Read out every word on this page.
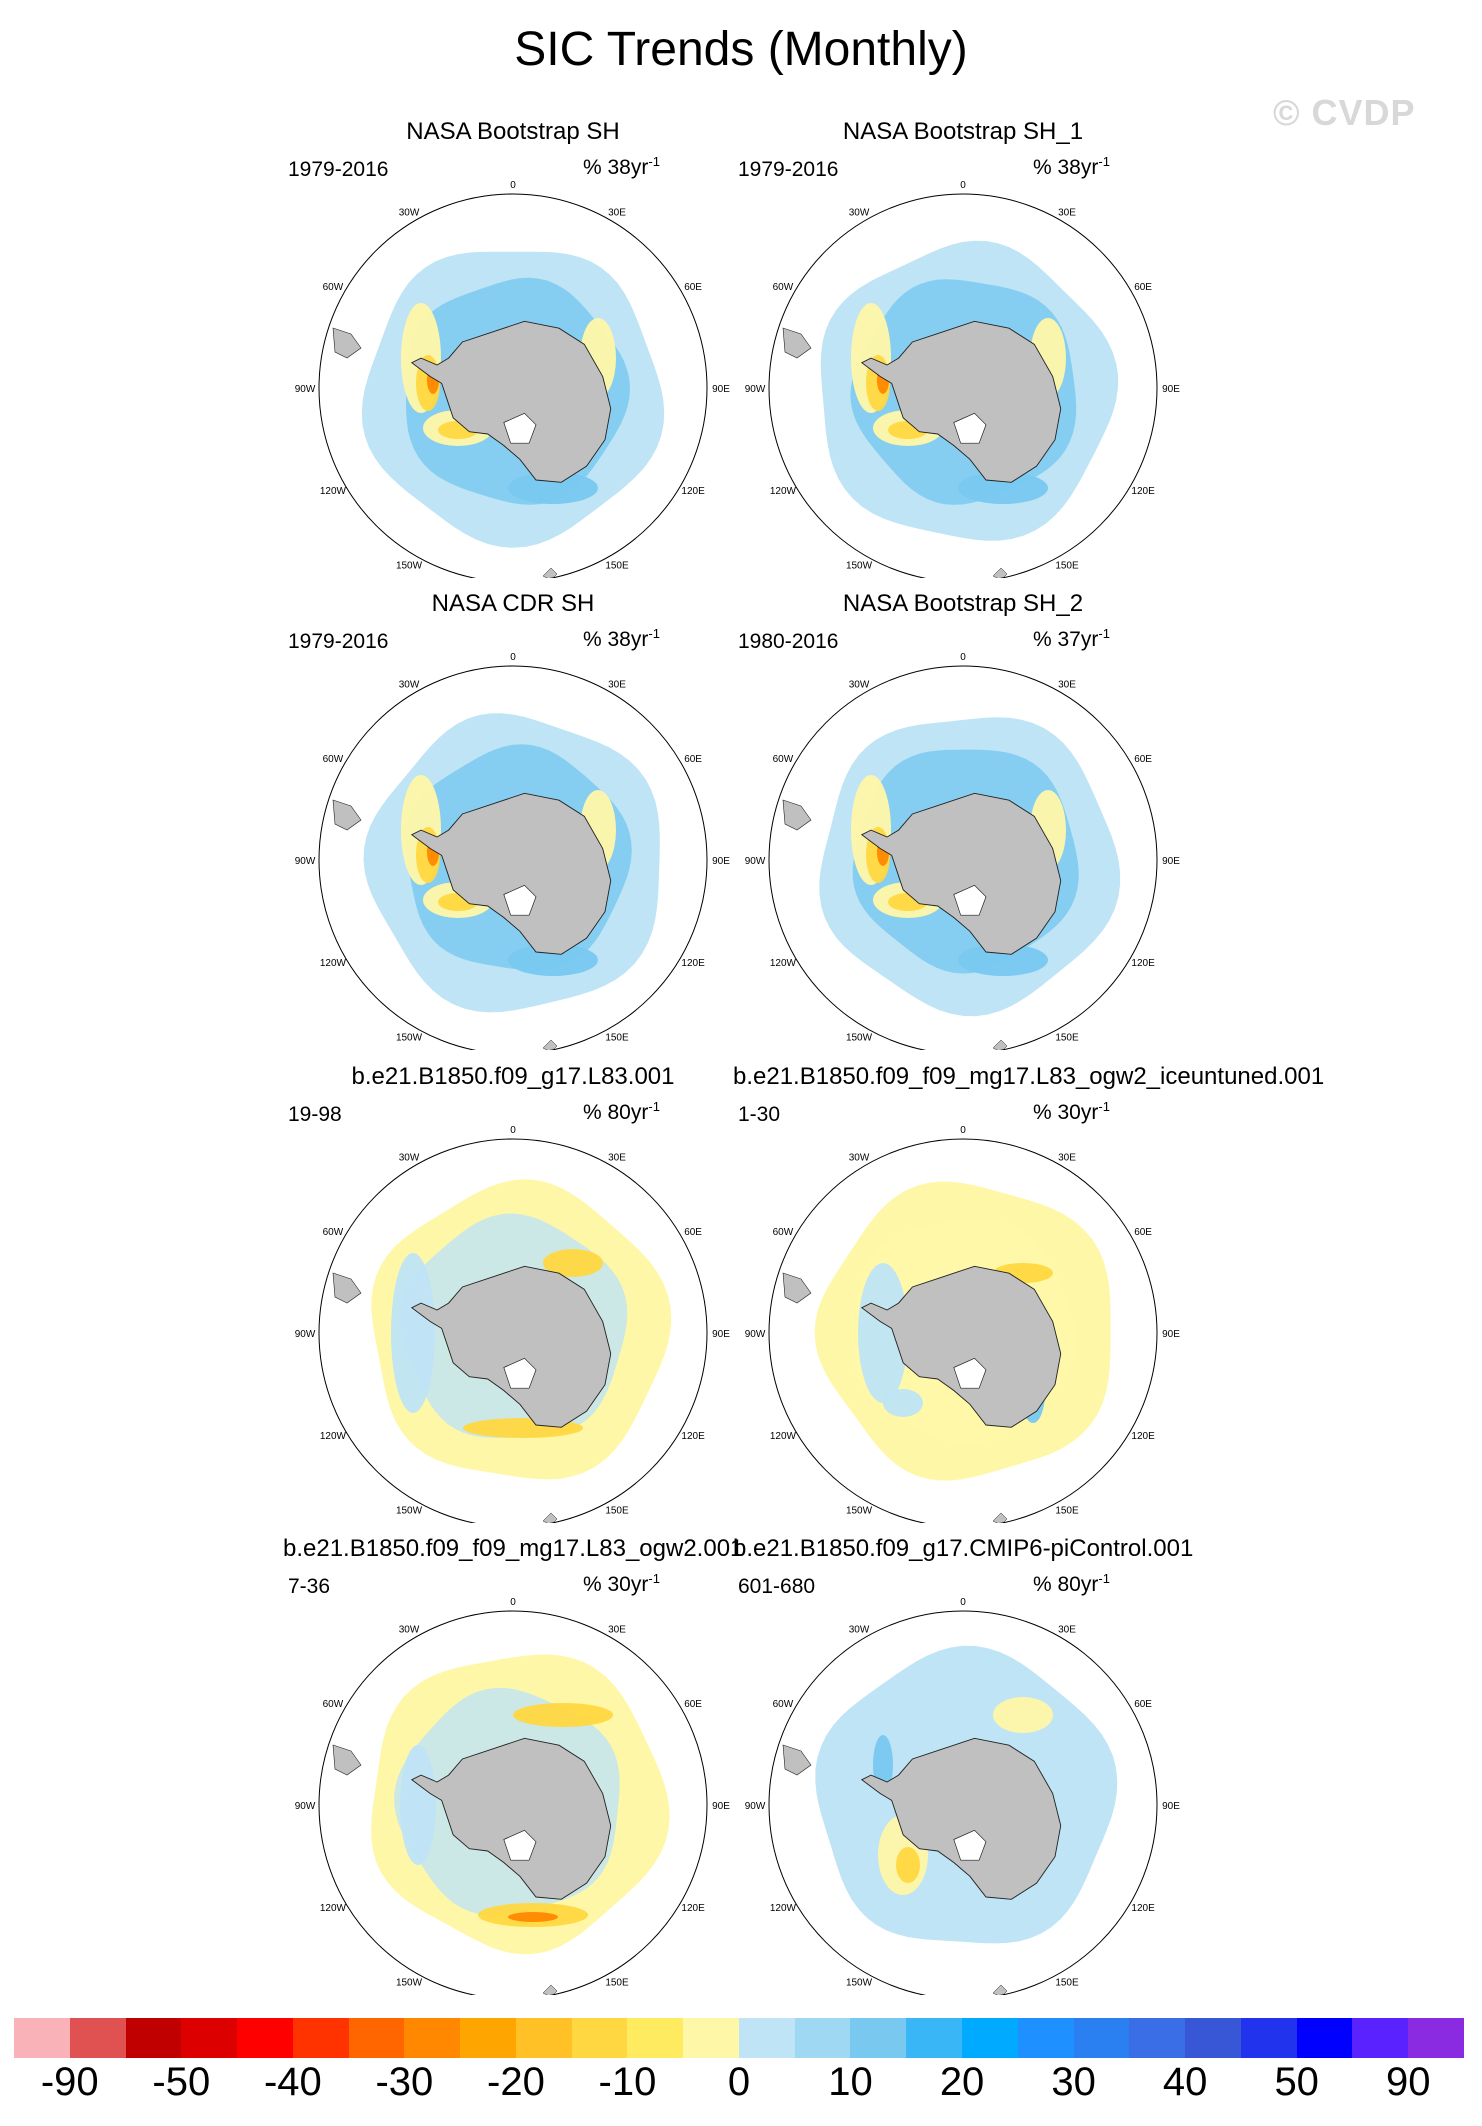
SIC Trends (Monthly)
© CVDP
NASA Bootstrap SH
1979-2016	% $38yr^{-1}$
0
30E
60E
90E
120E
150E
150W
120W
90W
60W
30W
NASA Bootstrap SH_1
1979-2016	% $38yr^{-1}$
0
30E
60E
90E
120E
150E
150W
120W
90W
60W
30W
NASA CDR SH
1979-2016	% $38yr^{-1}$
0
30E
60E
90E
120E
150E
150W
120W
90W
60W
30W
NASA Bootstrap SH_2
1980-2016	% $37yr^{-1}$
0
30E
60E
90E
120E
150E
150W
120W
90W
60W
30W
b.e21.B1850.f09_g17.L83.001
19-98	% $80yr^{-1}$
0
30E
60E
90E
120E
150E
150W
120W
90W
60W
30W
b.e21.B1850.f09_f09_mg17.L83_ogw2_iceuntuned.001
1-30	% $30yr^{-1}$
0
30E
60E
90E
120E
150E
150W
120W
90W
60W
30W
b.e21.B1850.f09_f09_mg17.L83_ogw2.001
7-36	% $30yr^{-1}$
0
30E
60E
90E
120E
150E
150W
120W
90W
60W
30W
b.e21.B1850.f09_g17.CMIP6-piControl.001
601-680	% $80yr^{-1}$
0
30E
60E
90E
120E
150E
150W
120W
90W
60W
30W
-90 -50 -40 -30 -20 -10 0 10 20 30 40 50 90
